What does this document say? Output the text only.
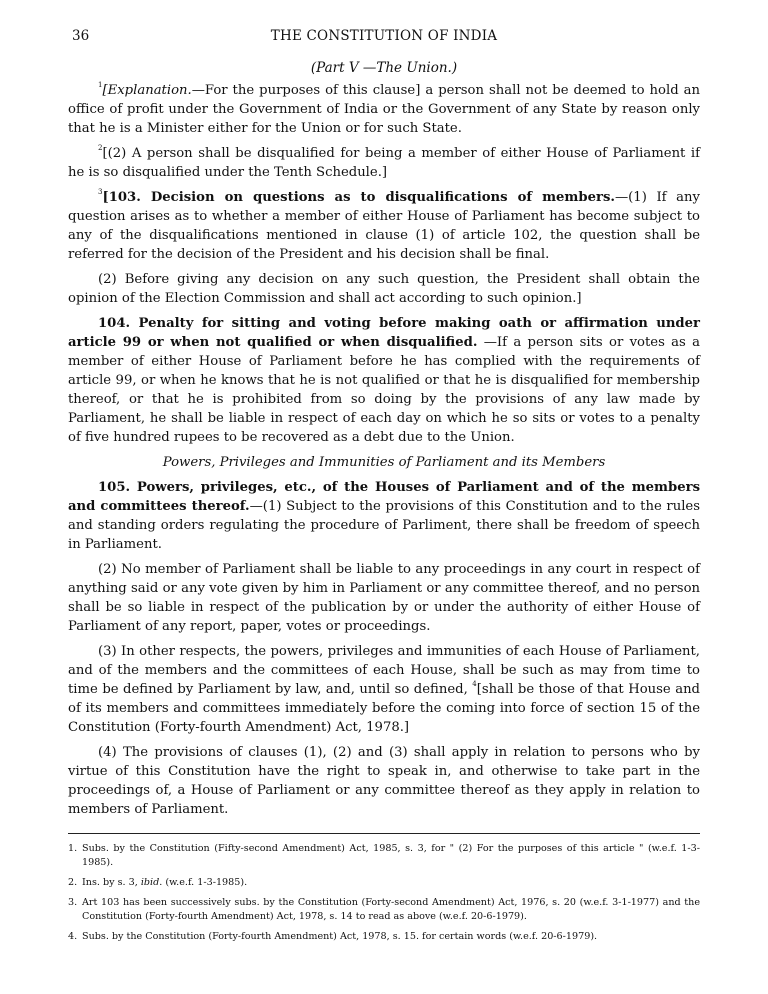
36	THE CONSTITUTION OF INDIA
(Part V —The Union.)

$^1$[Explanation.—For the purposes of this clause] a person shall not be deemed to hold an office of profit under the Government of India or the Government of any State by reason only that he is a Minister either for the Union or for such State.

$^2$[(2) A person shall be disqualified for being a member of either House of Parliament if he is so disqualified under the Tenth Schedule.]

$^3$[103. Decision on questions as to disqualifications of members.—(1) If any question arises as to whether a member of either House of Parliament has become subject to any of the disqualifications mentioned in clause (1) of article 102, the question shall be referred for the decision of the President and his decision shall be final.

(2) Before giving any decision on any such question, the President shall obtain the opinion of the Election Commission and shall act according to such opinion.]

104. Penalty for sitting and voting before making oath or affirmation under article 99 or when not qualified or when disqualified. —If a person sits or votes as a member of either House of Parliament before he has complied with the requirements of article 99, or when he knows that he is not qualified or that he is disqualified for membership thereof, or that he is prohibited from so doing by the provisions of any law made by Parliament, he shall be liable in respect of each day on which he so sits or votes to a penalty of five hundred rupees to be recovered as a debt due to the Union.

Powers, Privileges and Immunities of Parliament and its Members

105. Powers, privileges, etc., of the Houses of Parliament and of the members and committees thereof.—(1) Subject to the provisions of this Constitution and to the rules and standing orders regulating the procedure of Parliment, there shall be freedom of speech in Parliament.

(2) No member of Parliament shall be liable to any proceedings in any court in respect of anything said or any vote given by him in Parliament or any committee thereof, and no person shall be so liable in respect of the publication by or under the authority of either House of Parliament of any report, paper, votes or proceedings.

(3) In other respects, the powers, privileges and immunities of each House of Parliament, and of the members and the committees of each House, shall be such as may from time to time be defined by Parliament by law, and, until so defined, $^4$[shall be those of that House and of its members and committees immediately before the coming into force of section 15 of the Constitution (Forty-fourth Amendment) Act, 1978.]

(4) The provisions of clauses (1), (2) and (3) shall apply in relation to persons who by virtue of this Constitution have the right to speak in, and otherwise to take part in the proceedings of, a House of Parliament or any committee thereof as they apply in relation to members of Parliament.

1. Subs. by the Constitution (Fifty-second Amendment) Act, 1985, s. 3, for " (2) For the purposes of this article " (w.e.f. 1-3-1985).
2. Ins. by s. 3, ibid. (w.e.f. 1-3-1985).
3. Art 103 has been successively subs. by the Constitution (Forty-second Amendment) Act, 1976, s. 20 (w.e.f. 3-1-1977) and the Constitution (Forty-fourth Amendment) Act, 1978, s. 14 to read as above (w.e.f. 20-6-1979).
4. Subs. by the Constitution (Forty-fourth Amendment) Act, 1978, s. 15. for certain words (w.e.f. 20-6-1979).
